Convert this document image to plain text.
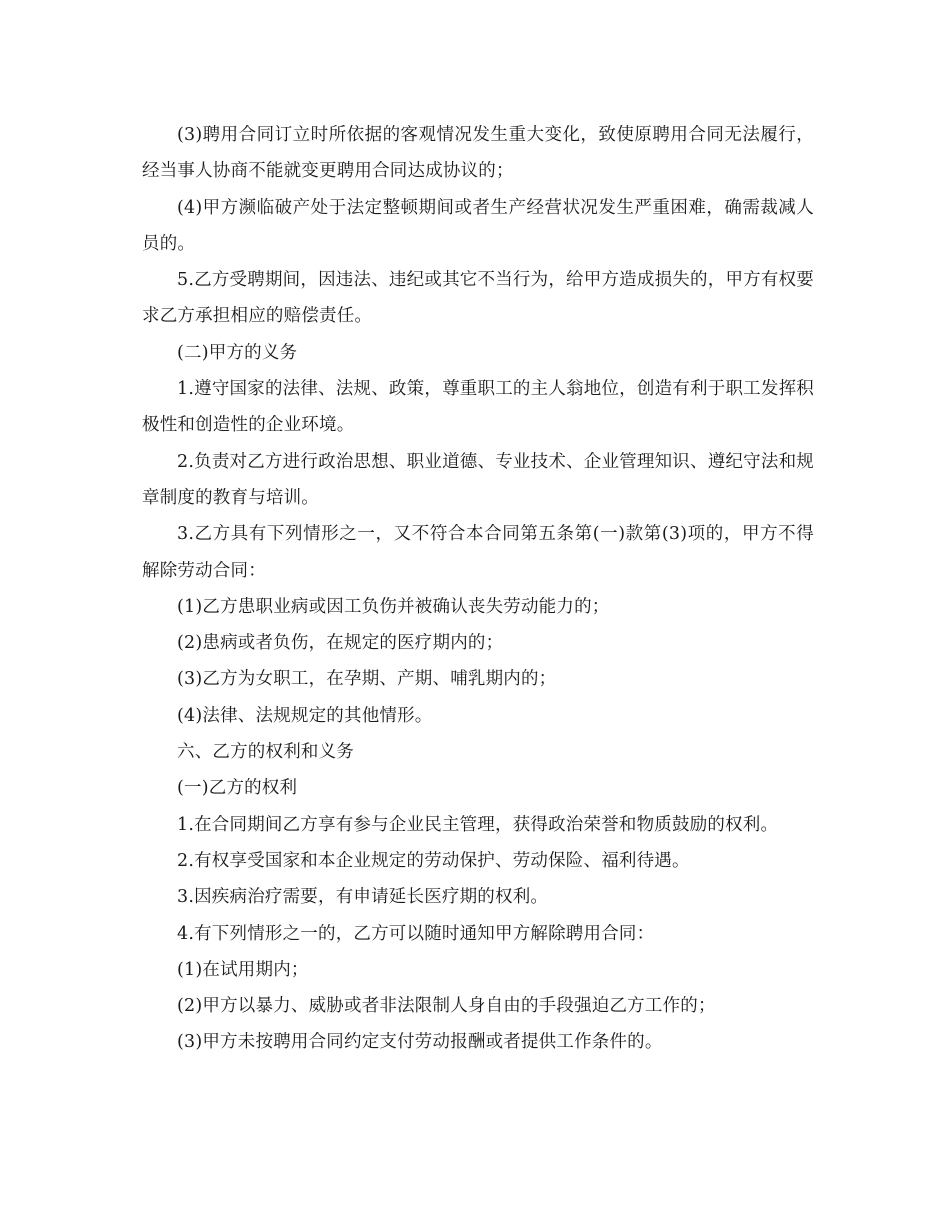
(3)聘用合同订立时所依据的客观情况发生重大变化，致使原聘用合同无法履行，经当事人协商不能就变更聘用合同达成协议的；

(4)甲方濒临破产处于法定整顿期间或者生产经营状况发生严重困难，确需裁减人员的。

5.乙方受聘期间，因违法、违纪或其它不当行为，给甲方造成损失的，甲方有权要求乙方承担相应的赔偿责任。

(二)甲方的义务

1.遵守国家的法律、法规、政策，尊重职工的主人翁地位，创造有利于职工发挥积极性和创造性的企业环境。

2.负责对乙方进行政治思想、职业道德、专业技术、企业管理知识、遵纪守法和规章制度的教育与培训。

3.乙方具有下列情形之一，又不符合本合同第五条第(一)款第(3)项的，甲方不得解除劳动合同：

(1)乙方患职业病或因工负伤并被确认丧失劳动能力的；

(2)患病或者负伤，在规定的医疗期内的；

(3)乙方为女职工，在孕期、产期、哺乳期内的；

(4)法律、法规规定的其他情形。

六、乙方的权利和义务

(一)乙方的权利

1.在合同期间乙方享有参与企业民主管理，获得政治荣誉和物质鼓励的权利。

2.有权享受国家和本企业规定的劳动保护、劳动保险、福利待遇。

3.因疾病治疗需要，有申请延长医疗期的权利。

4.有下列情形之一的，乙方可以随时通知甲方解除聘用合同：

(1)在试用期内；

(2)甲方以暴力、威胁或者非法限制人身自由的手段强迫乙方工作的；

(3)甲方未按聘用合同约定支付劳动报酬或者提供工作条件的。
